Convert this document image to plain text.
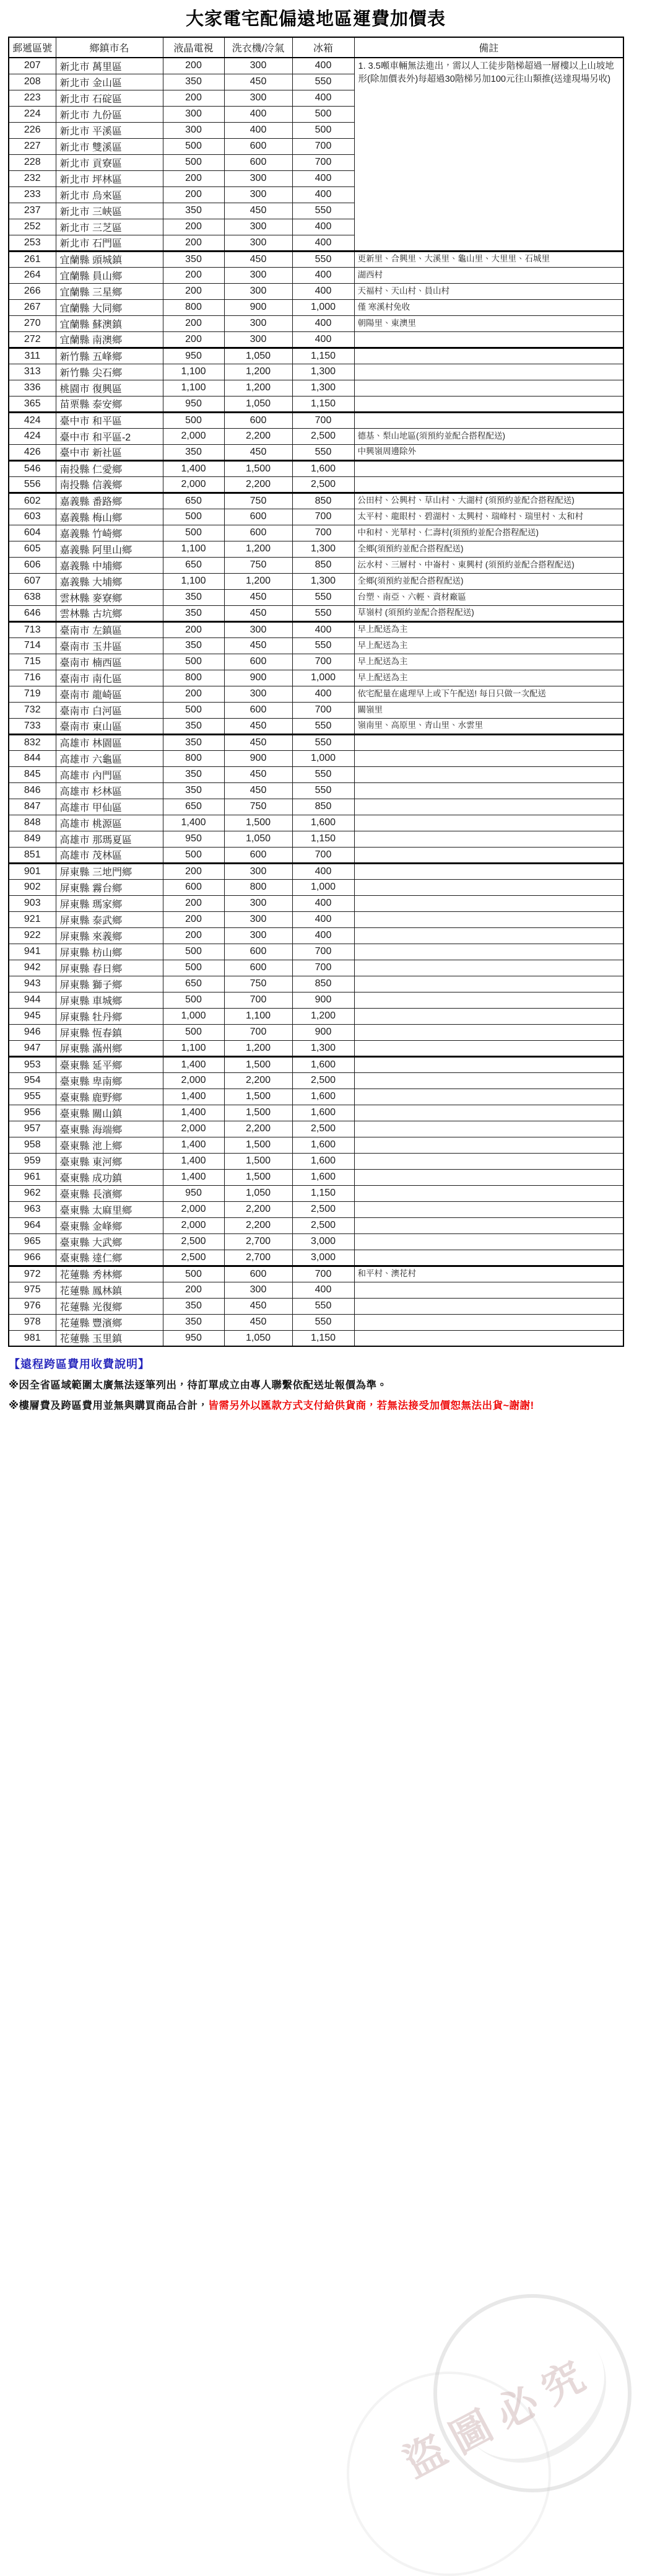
大家電宅配偏遠地區運費加價表
郵遞區號	鄉鎮市名	液晶電視	洗衣機/冷氣	冰箱	備註
207	新北市 萬里區	200	300	400	1. 3.5噸車輛無法進出，需以人工徒步階梯超過一層樓以上山坡地形(除加價表外)每超過30階梯另加100元往山類推(送達現場另收)
208	新北市 金山區	350	450	550	
223	新北市 石碇區	200	300	400	
224	新北市 九份區	300	400	500	
226	新北市 平溪區	300	400	500	
227	新北市 雙溪區	500	600	700	
228	新北市 貢寮區	500	600	700	
232	新北市 坪林區	200	300	400	
233	新北市 烏來區	200	300	400	
237	新北市 三峽區	350	450	550	
252	新北市 三芝區	200	300	400	
253	新北市 石門區	200	300	400	
261	宜蘭縣 頭城鎮	350	450	550	更新里、合興里、大溪里、龜山里、大里里、石城里
264	宜蘭縣 員山鄉	200	300	400	湖西村
266	宜蘭縣 三星鄉	200	300	400	天福村、天山村、員山村
267	宜蘭縣 大同鄉	800	900	1,000	僅 寒溪村免收
270	宜蘭縣 蘇澳鎮	200	300	400	朝陽里、東澳里
272	宜蘭縣 南澳鄉	200	300	400	
311	新竹縣 五峰鄉	950	1,050	1,150	
313	新竹縣 尖石鄉	1,100	1,200	1,300	
336	桃園市 復興區	1,100	1,200	1,300	
365	苗栗縣 泰安鄉	950	1,050	1,150	
424	臺中市 和平區	500	600	700	
424	臺中市 和平區-2	2,000	2,200	2,500	德基、梨山地區(須預約並配合搭程配送)
426	臺中市 新社區	350	450	550	中興嶺周邊除外
546	南投縣 仁愛鄉	1,400	1,500	1,600	
556	南投縣 信義鄉	2,000	2,200	2,500	
602	嘉義縣 番路鄉	650	750	850	公田村、公興村、草山村、大湖村 (須預約並配合搭程配送)
603	嘉義縣 梅山鄉	500	600	700	太平村、龍眼村、碧湖村、太興村、瑞峰村、瑞里村、太和村
604	嘉義縣 竹崎鄉	500	600	700	中和村、光華村、仁壽村(須預約並配合搭程配送)
605	嘉義縣 阿里山鄉	1,100	1,200	1,300	全鄉(須預約並配合搭程配送)
606	嘉義縣 中埔鄉	650	750	850	沄水村、三層村、中崙村、東興村 (須預約並配合搭程配送)
607	嘉義縣 大埔鄉	1,100	1,200	1,300	全鄉(須預約並配合搭程配送)
638	雲林縣 麥寮鄉	350	450	550	台塑、南亞、六輕、資材廠區
646	雲林縣 古坑鄉	350	450	550	草嶺村 (須預約並配合搭程配送)
713	臺南市 左鎮區	200	300	400	早上配送為主
714	臺南市 玉井區	350	450	550	早上配送為主
715	臺南市 楠西區	500	600	700	早上配送為主
716	臺南市 南化區	800	900	1,000	早上配送為主
719	臺南市 龍崎區	200	300	400	依宅配量在處理早上或下午配送! 每日只做一次配送
732	臺南市 白河區	500	600	700	關嶺里
733	臺南市 東山區	350	450	550	嶺南里、高原里、青山里、水雲里
832	高雄市 林園區	350	450	550	
844	高雄市 六龜區	800	900	1,000	
845	高雄市 內門區	350	450	550	
846	高雄市 杉林區	350	450	550	
847	高雄市 甲仙區	650	750	850	
848	高雄市 桃源區	1,400	1,500	1,600	
849	高雄市 那瑪夏區	950	1,050	1,150	
851	高雄市 茂林區	500	600	700	
901	屏東縣 三地門鄉	200	300	400	
902	屏東縣 霧台鄉	600	800	1,000	
903	屏東縣 瑪家鄉	200	300	400	
921	屏東縣 泰武鄉	200	300	400	
922	屏東縣 來義鄉	200	300	400	
941	屏東縣 枋山鄉	500	600	700	
942	屏東縣 春日鄉	500	600	700	
943	屏東縣 獅子鄉	650	750	850	
944	屏東縣 車城鄉	500	700	900	
945	屏東縣 牡丹鄉	1,000	1,100	1,200	
946	屏東縣 恆春鎮	500	700	900	
947	屏東縣 滿州鄉	1,100	1,200	1,300	
953	臺東縣 延平鄉	1,400	1,500	1,600	
954	臺東縣 卑南鄉	2,000	2,200	2,500	
955	臺東縣 鹿野鄉	1,400	1,500	1,600	
956	臺東縣 關山鎮	1,400	1,500	1,600	
957	臺東縣 海端鄉	2,000	2,200	2,500	
958	臺東縣 池上鄉	1,400	1,500	1,600	
959	臺東縣 東河鄉	1,400	1,500	1,600	
961	臺東縣 成功鎮	1,400	1,500	1,600	
962	臺東縣 長濱鄉	950	1,050	1,150	
963	臺東縣 太麻里鄉	2,000	2,200	2,500	
964	臺東縣 金峰鄉	2,000	2,200	2,500	
965	臺東縣 大武鄉	2,500	2,700	3,000	
966	臺東縣 達仁鄉	2,500	2,700	3,000	
972	花蓮縣 秀林鄉	500	600	700	和平村、澳花村
975	花蓮縣 鳳林鎮	200	300	400	
976	花蓮縣 光復鄉	350	450	550	
978	花蓮縣 豐濱鄉	350	450	550	
981	花蓮縣 玉里鎮	950	1,050	1,150	
【遠程跨區費用收費說明】
※因全省區域範圍太廣無法逐筆列出，待訂單成立由專人聯繫依配送址報價為準。
※樓層費及跨區費用並無與購買商品合計，皆需另外以匯款方式支付給供貨商，若無法接受加價恕無法出貨~謝謝!
盜圖必究
